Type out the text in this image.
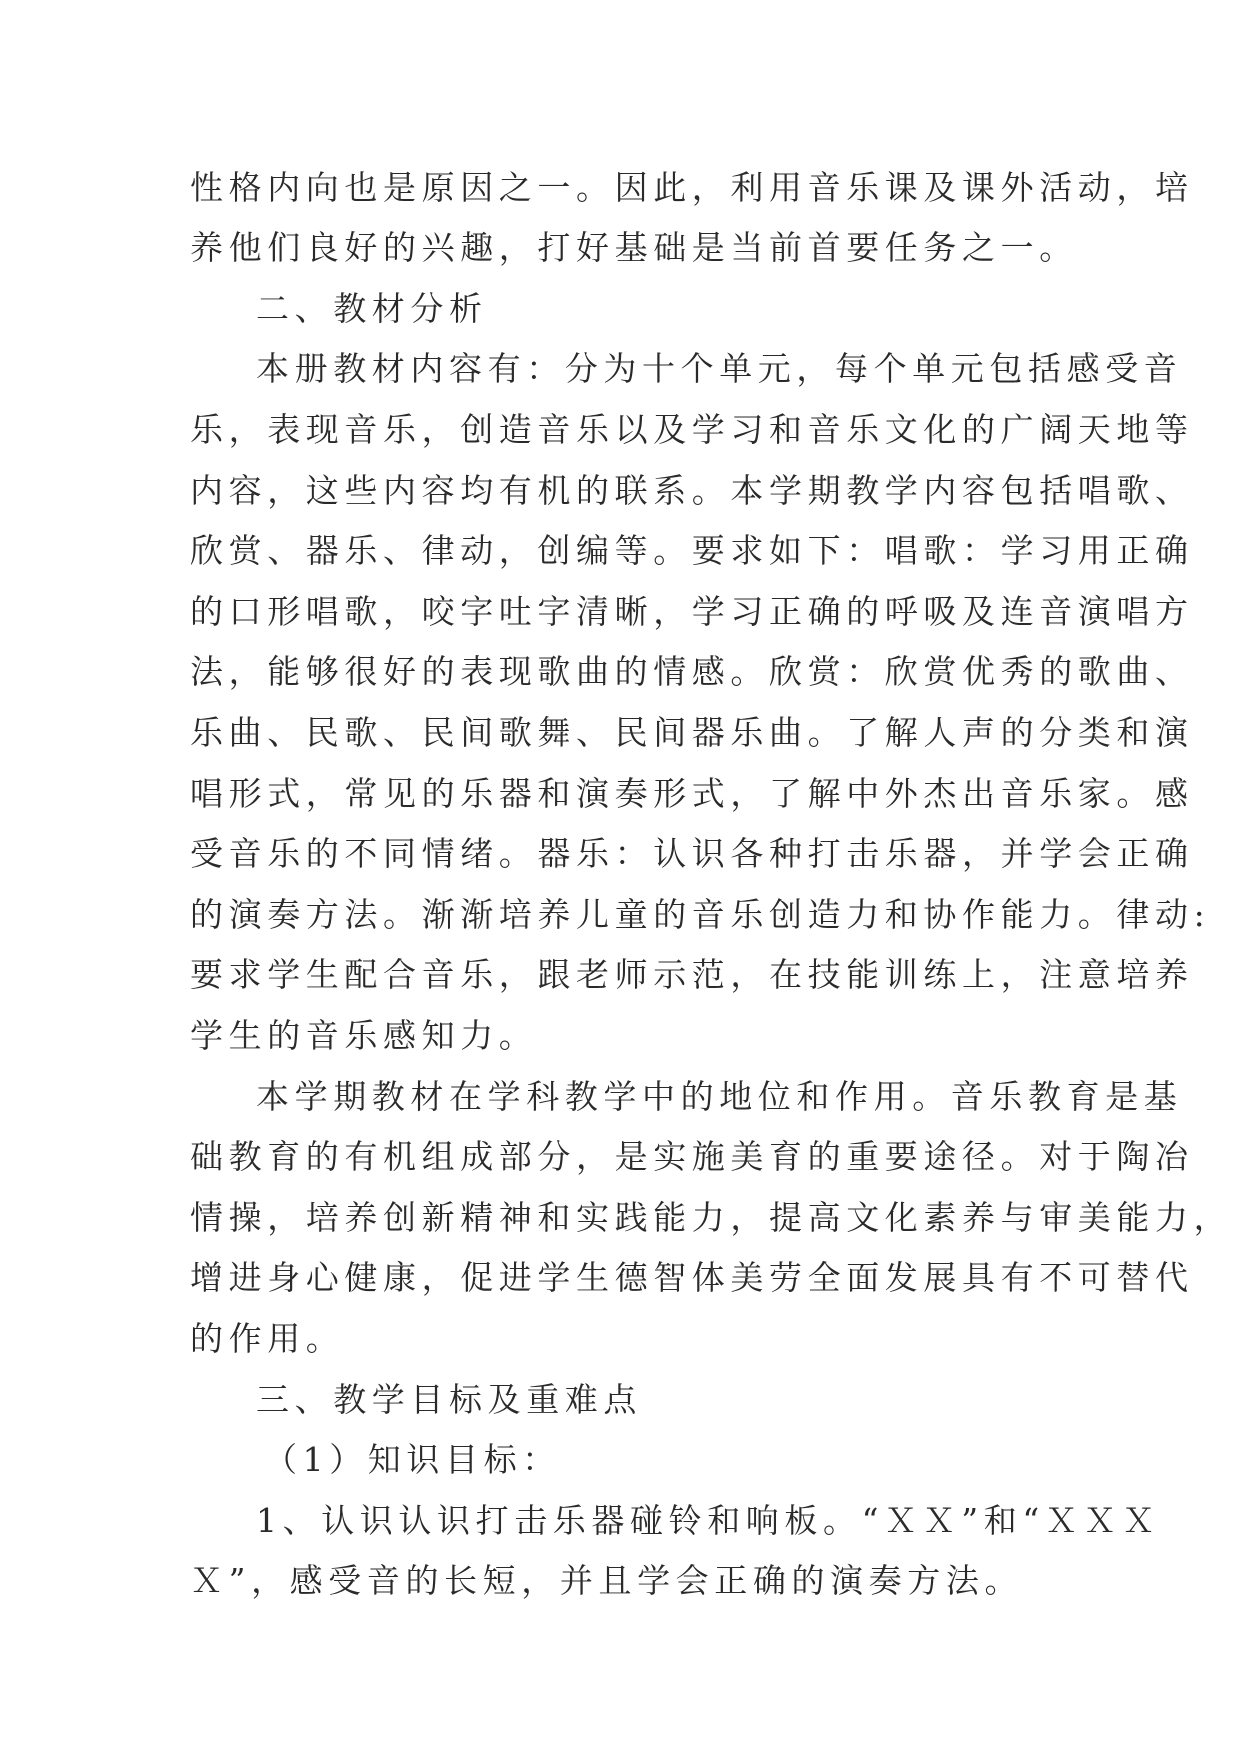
性格内向也是原因之一。因此，利用音乐课及课外活动，培
养他们良好的兴趣，打好基础是当前首要任务之一。
二、教材分析
本册教材内容有：分为十个单元，每个单元包括感受音
乐，表现音乐，创造音乐以及学习和音乐文化的广阔天地等
内容，这些内容均有机的联系。本学期教学内容包括唱歌、
欣赏、器乐、律动，创编等。要求如下：唱歌：学习用正确
的口形唱歌，咬字吐字清晰，学习正确的呼吸及连音演唱方
法，能够很好的表现歌曲的情感。欣赏：欣赏优秀的歌曲、
乐曲、民歌、民间歌舞、民间器乐曲。了解人声的分类和演
唱形式，常见的乐器和演奏形式，了解中外杰出音乐家。感
受音乐的不同情绪。器乐：认识各种打击乐器，并学会正确
的演奏方法。渐渐培养儿童的音乐创造力和协作能力。律动:
要求学生配合音乐，跟老师示范，在技能训练上，注意培养
学生的音乐感知力。
本学期教材在学科教学中的地位和作用。音乐教育是基
础教育的有机组成部分，是实施美育的重要途径。对于陶冶
情操，培养创新精神和实践能力，提高文化素养与审美能力，
增进身心健康，促进学生德智体美劳全面发展具有不可替代
的作用。
三、教学目标及重难点
（1）知识目标：
1、认识认识打击乐器碰铃和响板。“ＸＸ”和“ＸＸＸ
Ｘ”，感受音的长短，并且学会正确的演奏方法。
